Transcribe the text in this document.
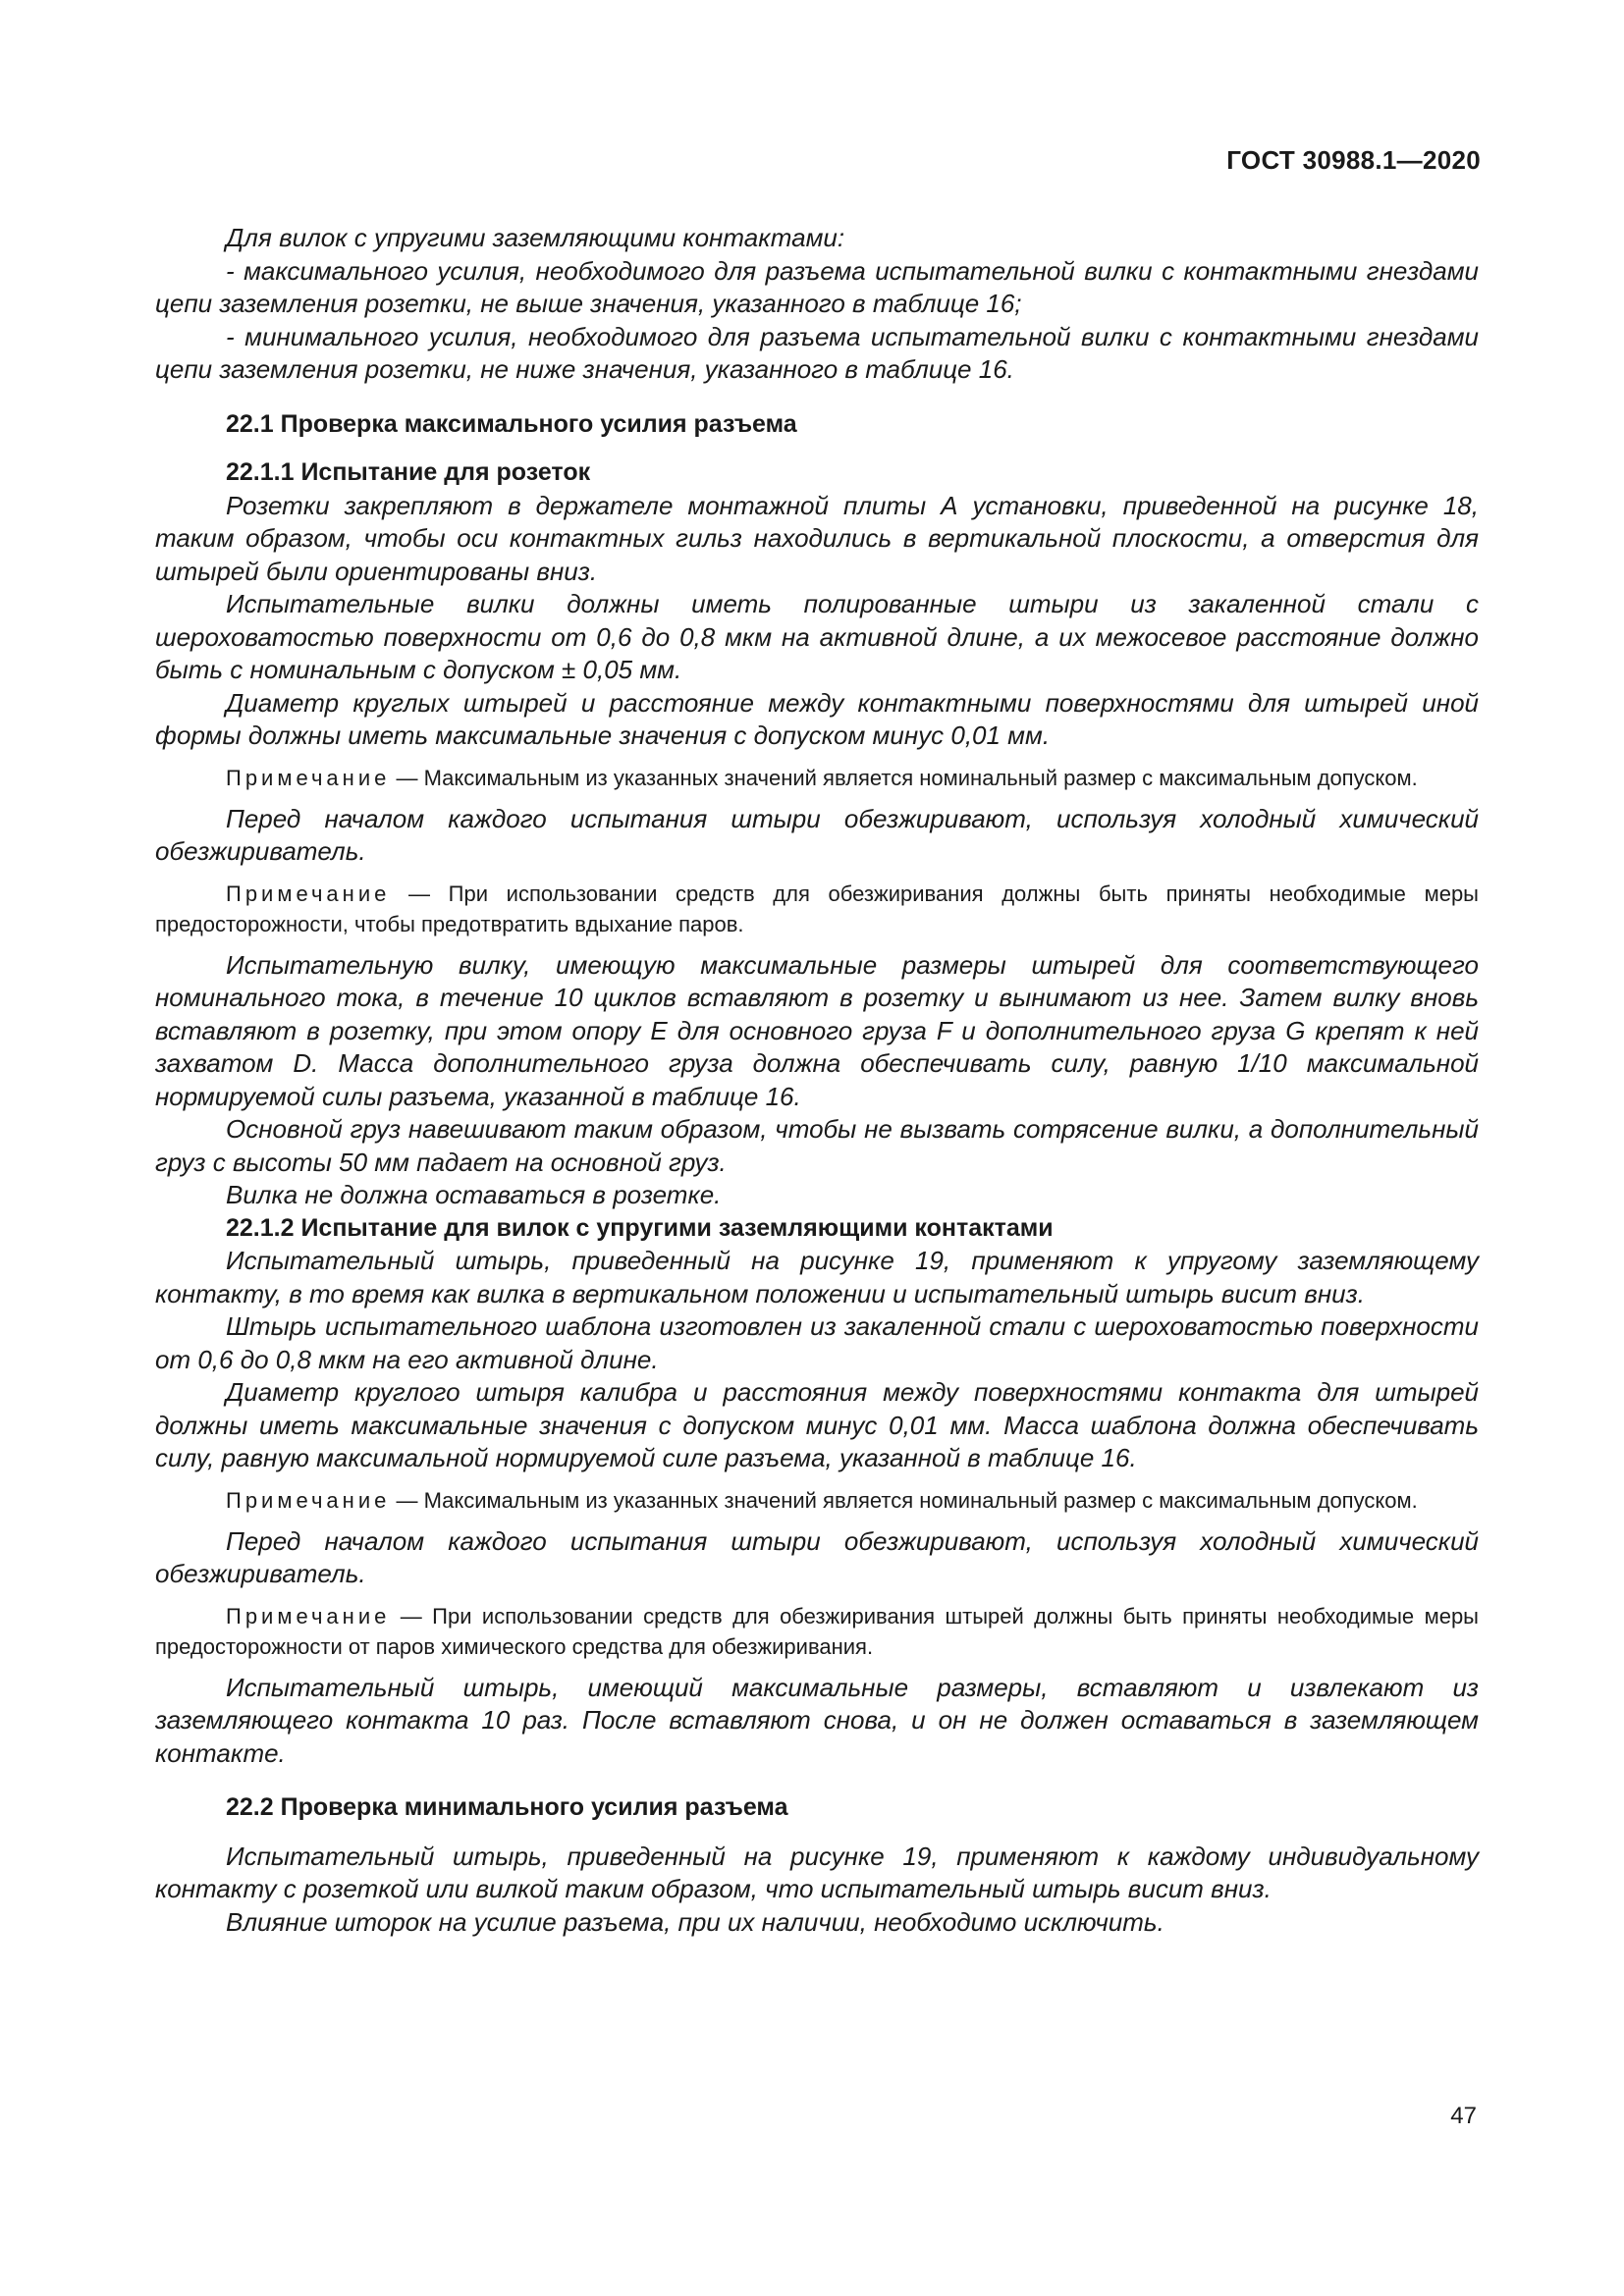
ГОСТ 30988.1—2020

Для вилок с упругими заземляющими контактами:

- максимального усилия, необходимого для разъема испытательной вилки с контактными гнездами цепи заземления розетки, не выше значения, указанного в таблице 16;

- минимального усилия, необходимого для разъема испытательной вилки с контактными гнездами цепи заземления розетки, не ниже значения, указанного в таблице 16.

22.1 Проверка максимального усилия разъема

22.1.1 Испытание для розеток

Розетки закрепляют в держателе монтажной плиты А установки, приведенной на рисунке 18, таким образом, чтобы оси контактных гильз находились в вертикальной плоскости, а отверстия для штырей были ориентированы вниз.

Испытательные вилки должны иметь полированные штыри из закаленной стали с шероховатостью поверхности от 0,6 до 0,8 мкм на активной длине, а их межосевое расстояние должно быть с номинальным с допуском ± 0,05 мм.

Диаметр круглых штырей и расстояние между контактными поверхностями для штырей иной формы должны иметь максимальные значения с допуском минус 0,01 мм.

Примечание — Максимальным из указанных значений является номинальный размер с максимальным допуском.

Перед началом каждого испытания штыри обезжиривают, используя холодный химический обезжириватель.

Примечание — При использовании средств для обезжиривания должны быть приняты необходимые меры предосторожности, чтобы предотвратить вдыхание паров.

Испытательную вилку, имеющую максимальные размеры штырей для соответствующего номинального тока, в течение 10 циклов вставляют в розетку и вынимают из нее. Затем вилку вновь вставляют в розетку, при этом опору Е для основного груза F и дополнительного груза G крепят к ней захватом D. Масса дополнительного груза должна обеспечивать силу, равную 1/10 максимальной нормируемой силы разъема, указанной в таблице 16.

Основной груз навешивают таким образом, чтобы не вызвать сотрясение вилки, а дополнительный груз с высоты 50 мм падает на основной груз.

Вилка не должна оставаться в розетке.

22.1.2 Испытание для вилок с упругими заземляющими контактами

Испытательный штырь, приведенный на рисунке 19, применяют к упругому заземляющему контакту, в то время как вилка в вертикальном положении и испытательный штырь висит вниз.

Штырь испытательного шаблона изготовлен из закаленной стали с шероховатостью поверхности от 0,6 до 0,8 мкм на его активной длине.

Диаметр круглого штыря калибра и расстояния между поверхностями контакта для штырей должны иметь максимальные значения с допуском минус 0,01 мм. Масса шаблона должна обеспечивать силу, равную максимальной нормируемой силе разъема, указанной в таблице 16.

Примечание — Максимальным из указанных значений является номинальный размер с максимальным допуском.

Перед началом каждого испытания штыри обезжиривают, используя холодный химический обезжириватель.

Примечание — При использовании средств для обезжиривания штырей должны быть приняты необходимые меры предосторожности от паров химического средства для обезжиривания.

Испытательный штырь, имеющий максимальные размеры, вставляют и извлекают из заземляющего контакта 10 раз. После вставляют снова, и он не должен оставаться в заземляющем контакте.

22.2 Проверка минимального усилия разъема

Испытательный штырь, приведенный на рисунке 19, применяют к каждому индивидуальному контакту с розеткой или вилкой таким образом, что испытательный штырь висит вниз.

Влияние шторок на усилие разъема, при их наличии, необходимо исключить.

47
